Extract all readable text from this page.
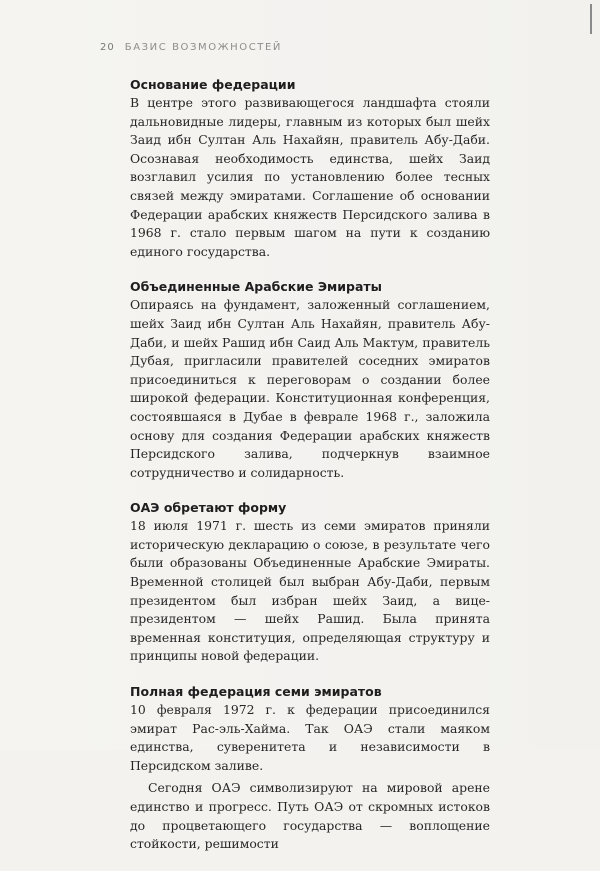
20 БАЗИС ВОЗМОЖНОСТЕЙ
Основание федерации

В центре этого развивающегося ландшафта стояли дальновидные лидеры, главным из которых был шейх Заид ибн Султан Аль Нахайян, правитель Абу-Даби. Осознавая необходимость единства, шейх Заид возглавил усилия по установлению более тесных связей между эмиратами. Соглашение об основании Федерации арабских княжеств Персидского залива в 1968 г. стало первым шагом на пути к созданию единого государства.

Объединенные Арабские Эмираты

Опираясь на фундамент, заложенный соглашением, шейх Заид ибн Султан Аль Нахайян, правитель Абу-Даби, и шейх Рашид ибн Саид Аль Мактум, правитель Дубая, пригласили правителей соседних эмиратов присоединиться к переговорам о создании более широкой федерации. Конституционная конференция, состоявшаяся в Дубае в феврале 1968 г., заложила основу для создания Федерации арабских княжеств Персидского залива, подчеркнув взаимное сотрудничество и солидарность.

ОАЭ обретают форму

18 июля 1971 г. шесть из семи эмиратов приняли историческую декларацию о союзе, в результате чего были образованы Объединенные Арабские Эмираты. Временной столицей был выбран Абу-Даби, первым президентом был избран шейх Заид, а вице-президентом — шейх Рашид. Была принята временная конституция, определяющая структуру и принципы новой федерации.

Полная федерация семи эмиратов

10 февраля 1972 г. к федерации присоединился эмират Рас-эль-Хайма. Так ОАЭ стали маяком единства, суверенитета и независимости в Персидском заливе.

Сегодня ОАЭ символизируют на мировой арене единство и прогресс. Путь ОАЭ от скромных истоков до процветающего государства — воплощение стойкости, решимости
